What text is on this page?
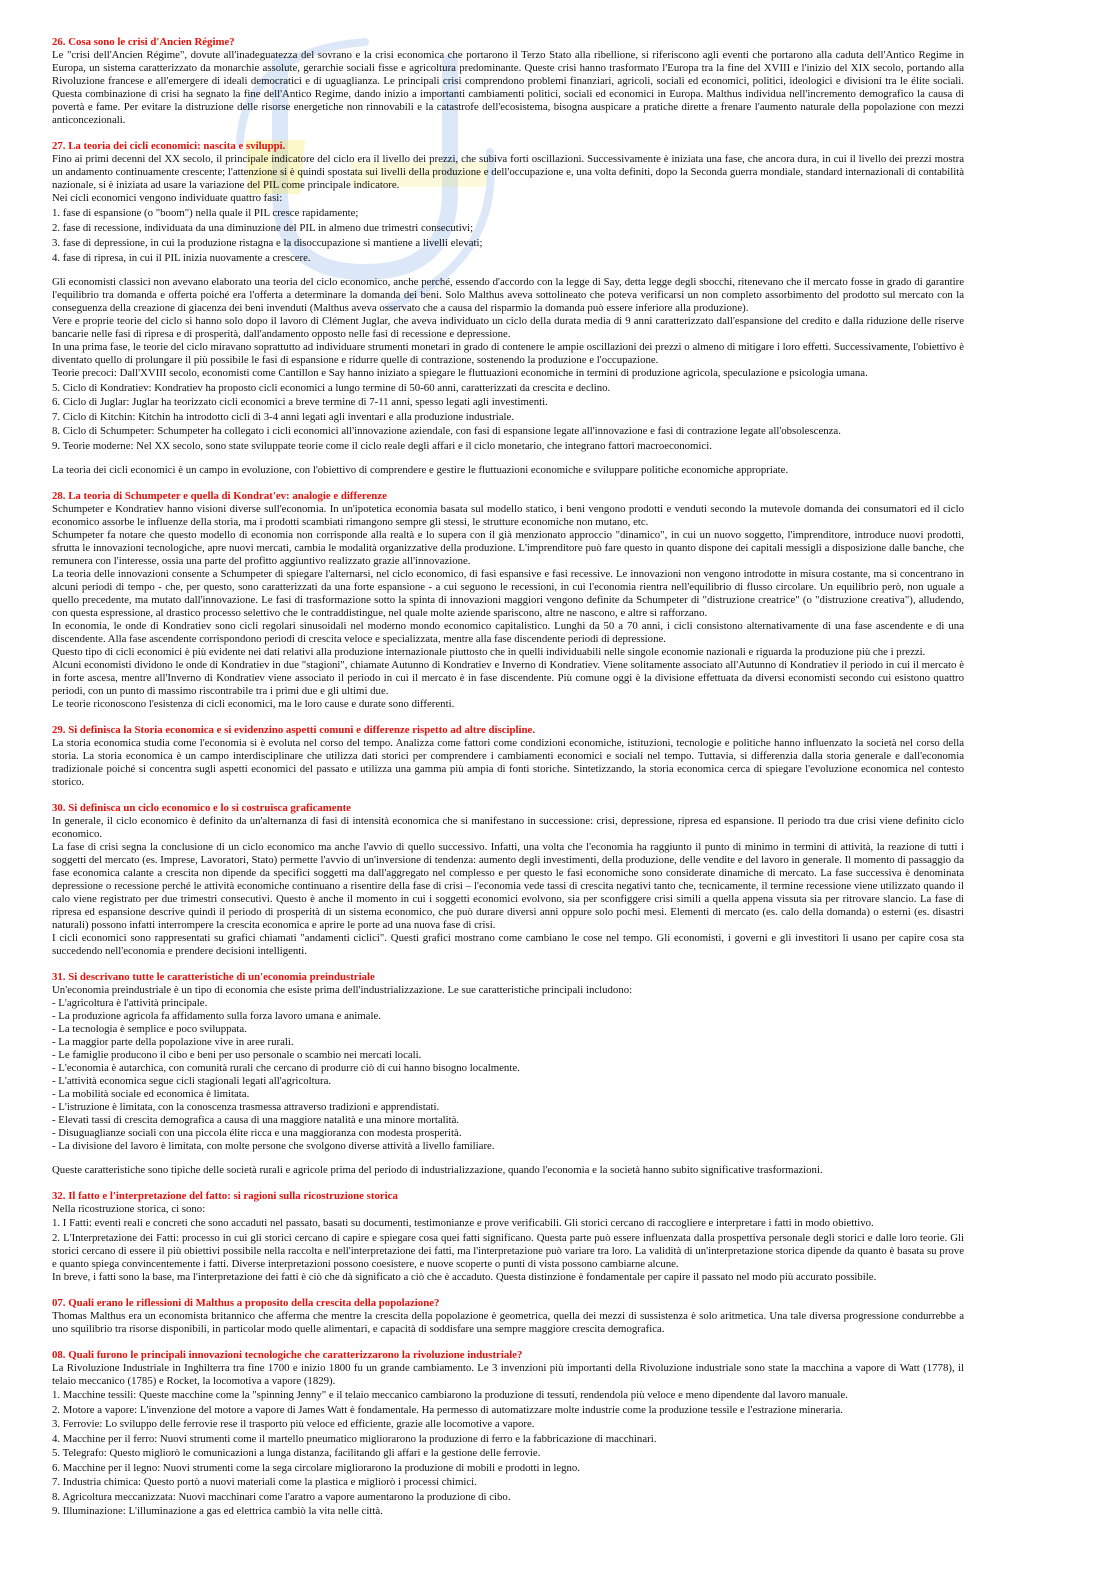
26. Cosa sono le crisi d'Ancien Régime?

Le "crisi dell'Ancien Régime", dovute all'inadeguatezza del sovrano e la crisi economica che portarono il Terzo Stato alla ribellione, si riferiscono agli eventi che portarono alla caduta dell'Antico Regime in Europa, un sistema caratterizzato da monarchie assolute, gerarchie sociali fisse e agricoltura predominante. Queste crisi hanno trasformato l'Europa tra la fine del XVIII e l'inizio del XIX secolo, portando alla Rivoluzione francese e all'emergere di ideali democratici e di uguaglianza. Le principali crisi comprendono problemi finanziari, agricoli, sociali ed economici, politici, ideologici e divisioni tra le élite sociali. Questa combinazione di crisi ha segnato la fine dell'Antico Regime, dando inizio a importanti cambiamenti politici, sociali ed economici in Europa. Malthus individua nell'incremento demografico la causa di povertà e fame. Per evitare la distruzione delle risorse energetiche non rinnovabili e la catastrofe dell'ecosistema, bisogna auspicare a pratiche dirette a frenare l'aumento naturale della popolazione con mezzi anticoncezionali.

27. La teoria dei cicli economici: nascita e sviluppi.

Fino ai primi decenni del XX secolo, il principale indicatore del ciclo era il livello dei prezzi, che subiva forti oscillazioni. Successivamente è iniziata una fase, che ancora dura, in cui il livello dei prezzi mostra un andamento continuamente crescente; l'attenzione si è quindi spostata sui livelli della produzione e dell'occupazione e, una volta definiti, dopo la Seconda guerra mondiale, standard internazionali di contabilità nazionale, si è iniziata ad usare la variazione del PIL come principale indicatore.

Nei cicli economici vengono individuate quattro fasi:

1. fase di espansione (o "boom") nella quale il PIL cresce rapidamente;

2. fase di recessione, individuata da una diminuzione del PIL in almeno due trimestri consecutivi;

3. fase di depressione, in cui la produzione ristagna e la disoccupazione si mantiene a livelli elevati;

4. fase di ripresa, in cui il PIL inizia nuovamente a crescere.

Gli economisti classici non avevano elaborato una teoria del ciclo economico, anche perché, essendo d'accordo con la legge di Say, detta legge degli sbocchi, ritenevano che il mercato fosse in grado di garantire l'equilibrio tra domanda e offerta poiché era l'offerta a determinare la domanda dei beni. Solo Malthus aveva sottolineato che poteva verificarsi un non completo assorbimento del prodotto sul mercato con la conseguenza della creazione di giacenza dei beni invenduti (Malthus aveva osservato che a causa del risparmio la domanda può essere inferiore alla produzione).

Vere e proprie teorie del ciclo si hanno solo dopo il lavoro di Clément Juglar, che aveva individuato un ciclo della durata media di 9 anni caratterizzato dall'espansione del credito e dalla riduzione delle riserve bancarie nelle fasi di ripresa e di prosperità, dall'andamento opposto nelle fasi di recessione e depressione.

In una prima fase, le teorie del ciclo miravano soprattutto ad individuare strumenti monetari in grado di contenere le ampie oscillazioni dei prezzi o almeno di mitigare i loro effetti. Successivamente, l'obiettivo è diventato quello di prolungare il più possibile le fasi di espansione e ridurre quelle di contrazione, sostenendo la produzione e l'occupazione.

Teorie precoci: Dall'XVIII secolo, economisti come Cantillon e Say hanno iniziato a spiegare le fluttuazioni economiche in termini di produzione agricola, speculazione e psicologia umana.

5. Ciclo di Kondratiev: Kondratiev ha proposto cicli economici a lungo termine di 50-60 anni, caratterizzati da crescita e declino.

6. Ciclo di Juglar: Juglar ha teorizzato cicli economici a breve termine di 7-11 anni, spesso legati agli investimenti.

7. Ciclo di Kitchin: Kitchin ha introdotto cicli di 3-4 anni legati agli inventari e alla produzione industriale.

8. Ciclo di Schumpeter: Schumpeter ha collegato i cicli economici all'innovazione aziendale, con fasi di espansione legate all'innovazione e fasi di contrazione legate all'obsolescenza.

9. Teorie moderne: Nel XX secolo, sono state sviluppate teorie come il ciclo reale degli affari e il ciclo monetario, che integrano fattori macroeconomici.

La teoria dei cicli economici è un campo in evoluzione, con l'obiettivo di comprendere e gestire le fluttuazioni economiche e sviluppare politiche economiche appropriate.

28. La teoria di Schumpeter e quella di Kondrat'ev: analogie e differenze

Schumpeter e Kondratiev hanno visioni diverse sull'economia. In un'ipotetica economia basata sul modello statico, i beni vengono prodotti e venduti secondo la mutevole domanda dei consumatori ed il ciclo economico assorbe le influenze della storia, ma i prodotti scambiati rimangono sempre gli stessi, le strutture economiche non mutano, etc.

Schumpeter fa notare che questo modello di economia non corrisponde alla realtà e lo supera con il già menzionato approccio "dinamico", in cui un nuovo soggetto, l'imprenditore, introduce nuovi prodotti, sfrutta le innovazioni tecnologiche, apre nuovi mercati, cambia le modalità organizzative della produzione. L'imprenditore può fare questo in quanto dispone dei capitali messigli a disposizione dalle banche, che remunera con l'interesse, ossia una parte del profitto aggiuntivo realizzato grazie all'innovazione.

La teoria delle innovazioni consente a Schumpeter di spiegare l'alternarsi, nel ciclo economico, di fasi espansive e fasi recessive. Le innovazioni non vengono introdotte in misura costante, ma si concentrano in alcuni periodi di tempo - che, per questo, sono caratterizzati da una forte espansione - a cui seguono le recessioni, in cui l'economia rientra nell'equilibrio di flusso circolare. Un equilibrio però, non uguale a quello precedente, ma mutato dall'innovazione. Le fasi di trasformazione sotto la spinta di innovazioni maggiori vengono definite da Schumpeter di "distruzione creatrice" (o "distruzione creativa"), alludendo, con questa espressione, al drastico processo selettivo che le contraddistingue, nel quale molte aziende spariscono, altre ne nascono, e altre si rafforzano.

In economia, le onde di Kondratiev sono cicli regolari sinusoidali nel moderno mondo economico capitalistico. Lunghi da 50 a 70 anni, i cicli consistono alternativamente di una fase ascendente e di una discendente. Alla fase ascendente corrispondono periodi di crescita veloce e specializzata, mentre alla fase discendente periodi di depressione.

Questo tipo di cicli economici è più evidente nei dati relativi alla produzione internazionale piuttosto che in quelli individuabili nelle singole economie nazionali e riguarda la produzione più che i prezzi.

Alcuni economisti dividono le onde di Kondratiev in due "stagioni", chiamate Autunno di Kondratiev e Inverno di Kondratiev. Viene solitamente associato all'Autunno di Kondratiev il periodo in cui il mercato è in forte ascesa, mentre all'Inverno di Kondratiev viene associato il periodo in cui il mercato è in fase discendente. Più comune oggi è la divisione effettuata da diversi economisti secondo cui esistono quattro periodi, con un punto di massimo riscontrabile tra i primi due e gli ultimi due.

Le teorie riconoscono l'esistenza di cicli economici, ma le loro cause e durate sono differenti.

29. Si definisca la Storia economica e si evidenzino aspetti comuni e differenze rispetto ad altre discipline.

La storia economica studia come l'economia si è evoluta nel corso del tempo. Analizza come fattori come condizioni economiche, istituzioni, tecnologie e politiche hanno influenzato la società nel corso della storia. La storia economica è un campo interdisciplinare che utilizza dati storici per comprendere i cambiamenti economici e sociali nel tempo. Tuttavia, si differenzia dalla storia generale e dall'economia tradizionale poiché si concentra sugli aspetti economici del passato e utilizza una gamma più ampia di fonti storiche. Sintetizzando, la storia economica cerca di spiegare l'evoluzione economica nel contesto storico.

30. Si definisca un ciclo economico e lo si costruisca graficamente

In generale, il ciclo economico è definito da un'alternanza di fasi di intensità economica che si manifestano in successione: crisi, depressione, ripresa ed espansione. Il periodo tra due crisi viene definito ciclo economico.

La fase di crisi segna la conclusione di un ciclo economico ma anche l'avvio di quello successivo. Infatti, una volta che l'economia ha raggiunto il punto di minimo in termini di attività, la reazione di tutti i soggetti del mercato (es. Imprese, Lavoratori, Stato) permette l'avvio di un'inversione di tendenza: aumento degli investimenti, della produzione, delle vendite e del lavoro in generale. Il momento di passaggio da fase economica calante a crescita non dipende da specifici soggetti ma dall'aggregato nel complesso e per questo le fasi economiche sono considerate dinamiche di mercato. La fase successiva è denominata depressione o recessione perché le attività economiche continuano a risentire della fase di crisi – l'economia vede tassi di crescita negativi tanto che, tecnicamente, il termine recessione viene utilizzato quando il calo viene registrato per due trimestri consecutivi. Questo è anche il momento in cui i soggetti economici evolvono, sia per sconfiggere crisi simili a quella appena vissuta sia per ritrovare slancio. La fase di ripresa ed espansione descrive quindi il periodo di prosperità di un sistema economico, che può durare diversi anni oppure solo pochi mesi. Elementi di mercato (es. calo della domanda) o esterni (es. disastri naturali) possono infatti interrompere la crescita economica e aprire le porte ad una nuova fase di crisi.

I cicli economici sono rappresentati su grafici chiamati "andamenti ciclici". Questi grafici mostrano come cambiano le cose nel tempo. Gli economisti, i governi e gli investitori li usano per capire cosa sta succedendo nell'economia e prendere decisioni intelligenti.

31. Si descrivano tutte le caratteristiche di un'economia preindustriale

Un'economia preindustriale è un tipo di economia che esiste prima dell'industrializzazione. Le sue caratteristiche principali includono:

- L'agricoltura è l'attività principale.

- La produzione agricola fa affidamento sulla forza lavoro umana e animale.

- La tecnologia è semplice e poco sviluppata.

- La maggior parte della popolazione vive in aree rurali.

- Le famiglie producono il cibo e beni per uso personale o scambio nei mercati locali.

- L'economia è autarchica, con comunità rurali che cercano di produrre ciò di cui hanno bisogno localmente.

- L'attività economica segue cicli stagionali legati all'agricoltura.

- La mobilità sociale ed economica è limitata.

- L'istruzione è limitata, con la conoscenza trasmessa attraverso tradizioni e apprendistati.

- Elevati tassi di crescita demografica a causa di una maggiore natalità e una minore mortalità.

- Disuguaglianze sociali con una piccola élite ricca e una maggioranza con modesta prosperità.

- La divisione del lavoro è limitata, con molte persone che svolgono diverse attività a livello familiare.

Queste caratteristiche sono tipiche delle società rurali e agricole prima del periodo di industrializzazione, quando l'economia e la società hanno subito significative trasformazioni.

32. Il fatto e l'interpretazione del fatto: si ragioni sulla ricostruzione storica

Nella ricostruzione storica, ci sono:

1. I Fatti: eventi reali e concreti che sono accaduti nel passato, basati su documenti, testimonianze e prove verificabili. Gli storici cercano di raccogliere e interpretare i fatti in modo obiettivo.

2. L'Interpretazione dei Fatti: processo in cui gli storici cercano di capire e spiegare cosa quei fatti significano. Questa parte può essere influenzata dalla prospettiva personale degli storici e dalle loro teorie. Gli storici cercano di essere il più obiettivi possibile nella raccolta e nell'interpretazione dei fatti, ma l'interpretazione può variare tra loro. La validità di un'interpretazione storica dipende da quanto è basata su prove e quanto spiega convincentemente i fatti. Diverse interpretazioni possono coesistere, e nuove scoperte o punti di vista possono cambiarne alcune.

In breve, i fatti sono la base, ma l'interpretazione dei fatti è ciò che dà significato a ciò che è accaduto. Questa distinzione è fondamentale per capire il passato nel modo più accurato possibile.

07. Quali erano le riflessioni di Malthus a proposito della crescita della popolazione?

Thomas Malthus era un economista britannico che afferma che mentre la crescita della popolazione è geometrica, quella dei mezzi di sussistenza è solo aritmetica. Una tale diversa progressione condurrebbe a uno squilibrio tra risorse disponibili, in particolar modo quelle alimentari, e capacità di soddisfare una sempre maggiore crescita demografica.

08. Quali furono le principali innovazioni tecnologiche che caratterizzarono la rivoluzione industriale?

La Rivoluzione Industriale in Inghilterra tra fine 1700 e inizio 1800 fu un grande cambiamento. Le 3 invenzioni più importanti della Rivoluzione industriale sono state la macchina a vapore di Watt (1778), il telaio meccanico (1785) e Rocket, la locomotiva a vapore (1829).

1. Macchine tessili: Queste macchine come la "spinning Jenny" e il telaio meccanico cambiarono la produzione di tessuti, rendendola più veloce e meno dipendente dal lavoro manuale.

2. Motore a vapore: L'invenzione del motore a vapore di James Watt è fondamentale. Ha permesso di automatizzare molte industrie come la produzione tessile e l'estrazione mineraria.

3. Ferrovie: Lo sviluppo delle ferrovie rese il trasporto più veloce ed efficiente, grazie alle locomotive a vapore.

4. Macchine per il ferro: Nuovi strumenti come il martello pneumatico migliorarono la produzione di ferro e la fabbricazione di macchinari.

5. Telegrafo: Questo migliorò le comunicazioni a lunga distanza, facilitando gli affari e la gestione delle ferrovie.

6. Macchine per il legno: Nuovi strumenti come la sega circolare migliorarono la produzione di mobili e prodotti in legno.

7. Industria chimica: Questo portò a nuovi materiali come la plastica e migliorò i processi chimici.

8. Agricoltura meccanizzata: Nuovi macchinari come l'aratro a vapore aumentarono la produzione di cibo.

9. Illuminazione: L'illuminazione a gas ed elettrica cambiò la vita nelle città.
